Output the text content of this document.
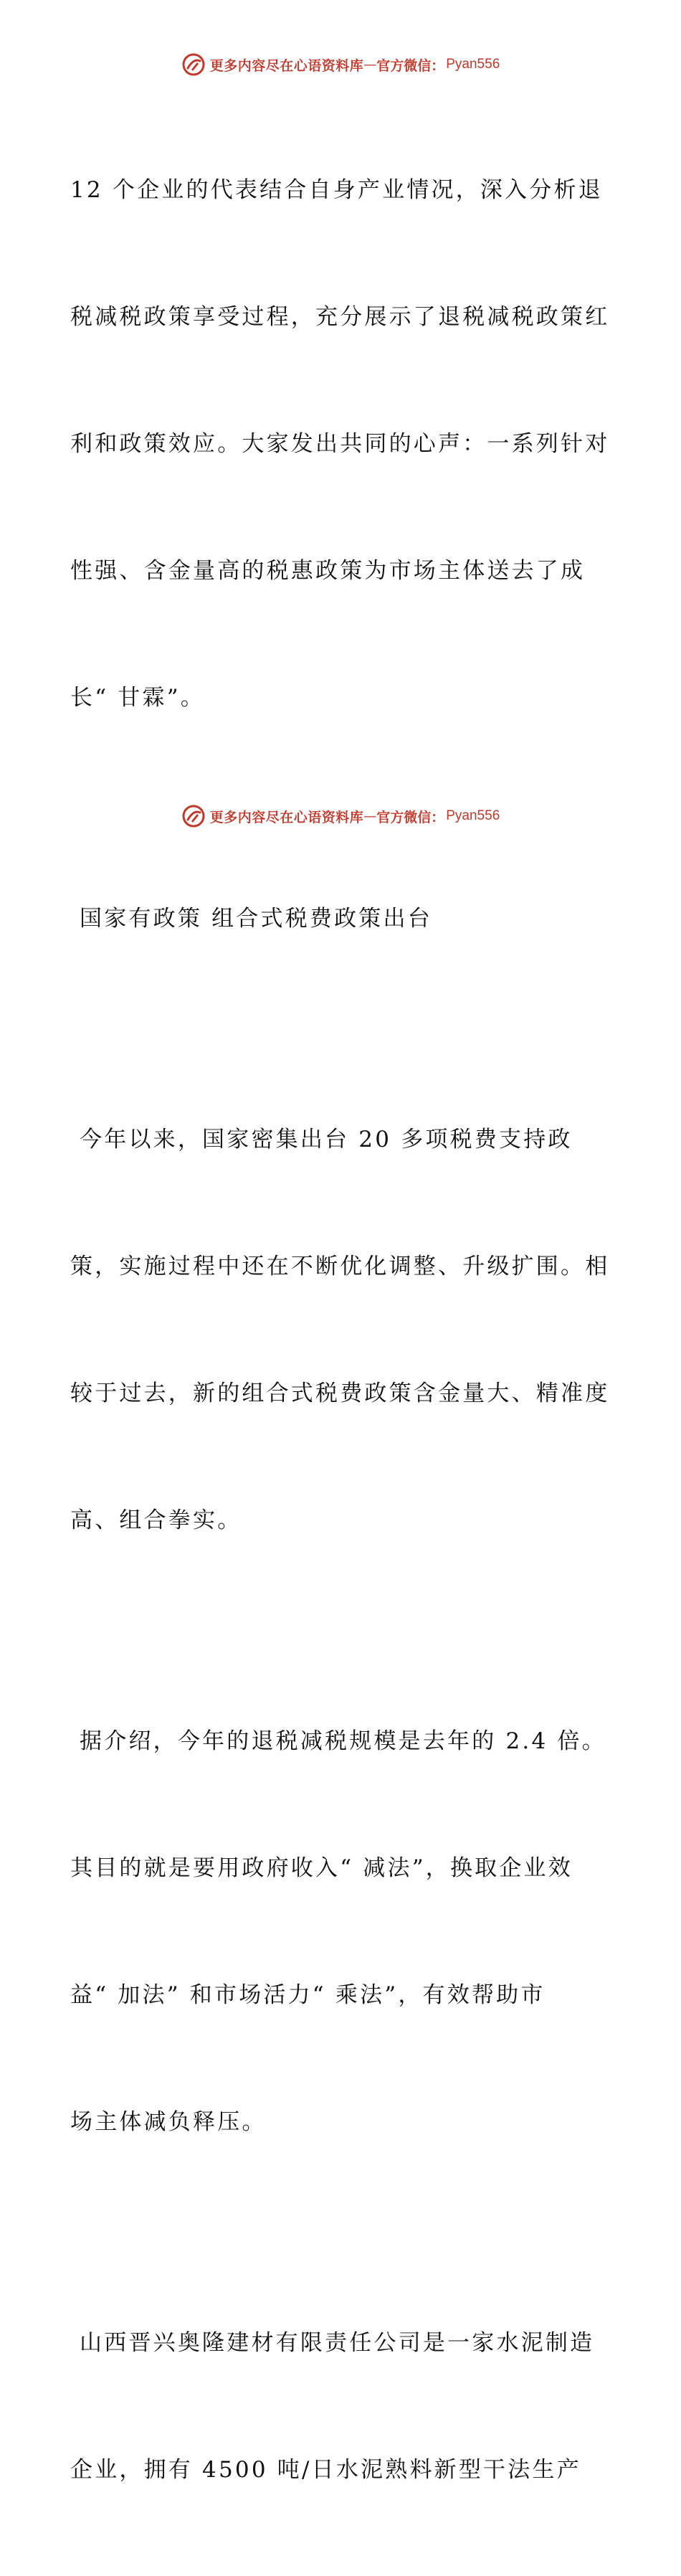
更多内容尽在心语资料库 — 官方微信： Pyan556

12 个企业的代表结合自身产业情况，深入分析退

税减税政策享受过程，充分展示了退税减税政策红

利和政策效应。大家发出共同的心声：一系列针对

性强、含金量高的税惠政策为市场主体送去了成

长“ 甘霖”。

国家有政策 组合式税费政策出台

今年以来，国家密集出台 20 多项税费支持政

策，实施过程中还在不断优化调整、升级扩围。相

较于过去，新的组合式税费政策含金量大、精准度

高、组合拳实。

据介绍，今年的退税减税规模是去年的 2.4 倍。

其目的就是要用政府收入“ 减法”，换取企业效

益“ 加法” 和市场活力“ 乘法”，有效帮助市

场主体减负释压。

山西晋兴奥隆建材有限责任公司是一家水泥制造

企业，拥有 4500 吨/日水泥熟料新型干法生产

更多内容尽在心语资料库 — 官方微信： Pyan556
